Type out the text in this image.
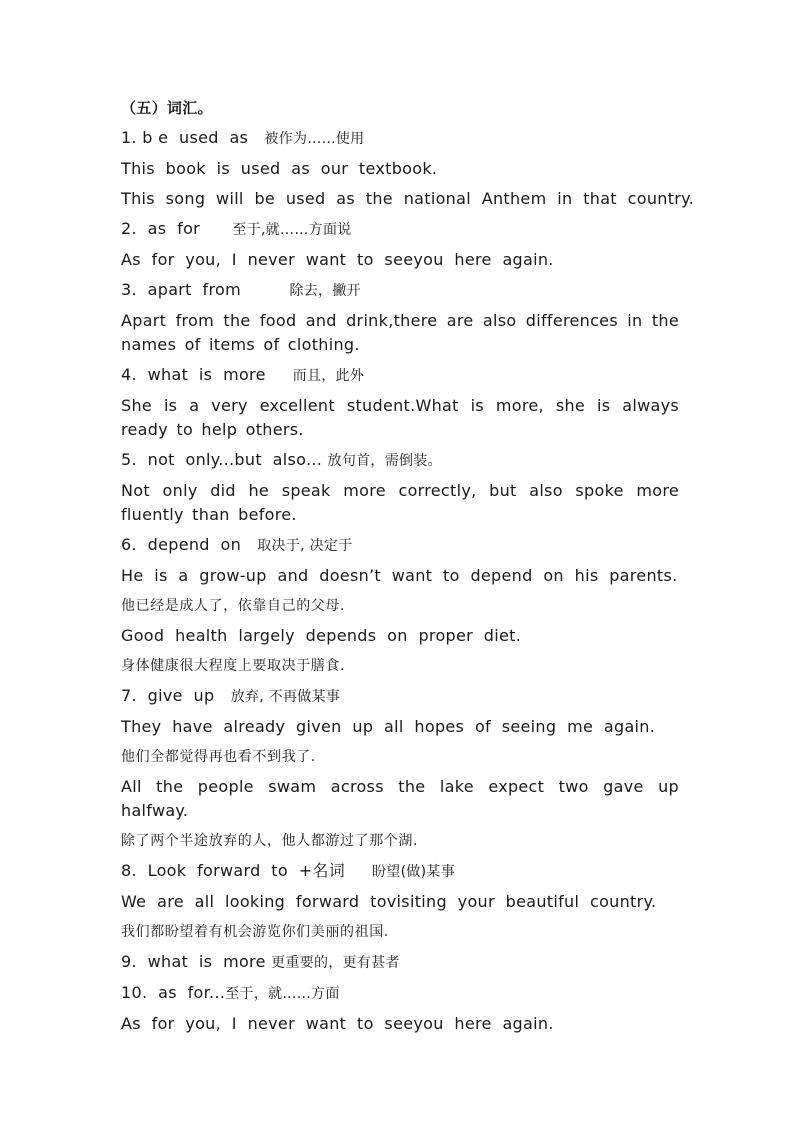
（五）词汇。
1. b e  used  as 被作为……使用
This  book  is  used  as  our  textbook.
This  song  will  be  used  as  the  national  Anthem  in  that  country.
2.  as  for 至于,就……方面说
As  for  you,  I  never  want  to  seeyou  here  again.
3.  apart  from	除去，撇开
Apart from the food and drink,there are also differences in the names of items of clothing.
4.  what  is  more 而且，此外
She is a very excellent student.What is more, she is always ready to help others.
5.  not  only...but  also... 放句首，需倒装。
Not only did he speak more correctly, but also spoke more fluently than before.
6.  depend  on 取决于, 决定于
He  is  a  grow-up  and  doesn’t  want  to  depend  on  his  parents.
他已经是成人了，依靠自己的父母.
Good  health  largely  depends  on  proper  diet.
身体健康很大程度上要取决于膳食.
7.  give  up 放弃, 不再做某事
They  have  already  given  up  all  hopes  of  seeing  me  again.
他们全都觉得再也看不到我了.
All the people swam across the lake expect two gave up halfway.
除了两个半途放弃的人，他人都游过了那个湖.
8.  Look  forward  to  +名词 盼望(做)某事
We  are  all  looking  forward  tovisiting  your  beautiful  country.
我们都盼望着有机会游览你们美丽的祖国.
9.  what  is  more 更重要的，更有甚者
10.  as  for...至于，就……方面
As  for  you,  I  never  want  to  seeyou  here  again.
